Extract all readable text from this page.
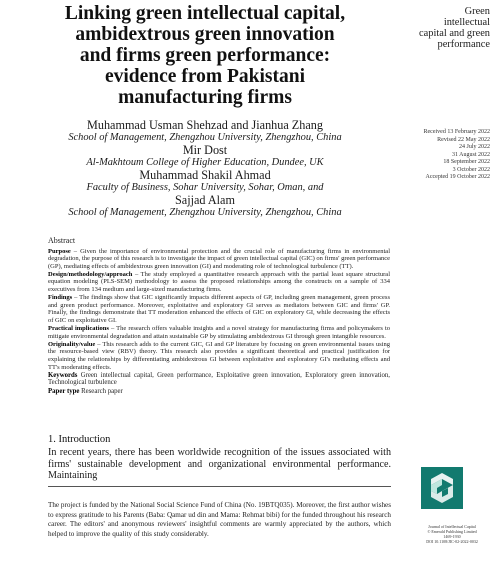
Linking green intellectual capital,
ambidextrous green innovation
and firms green performance:
evidence from Pakistani
manufacturing firms
Muhammad Usman Shehzad and Jianhua Zhang
School of Management, Zhengzhou University, Zhengzhou, China
Mir Dost
Al-Makhtoum College of Higher Education, Dundee, UK
Muhammad Shakil Ahmad
Faculty of Business, Sohar University, Sohar, Oman, and
Sajjad Alam
School of Management, Zhengzhou University, Zhengzhou, China
Green
intellectual
capital and green
performance
Received 13 February 2022
Revised 22 May 2022
24 July 2022
31 August 2022
18 September 2022
3 October 2022
Accepted 19 October 2022
Abstract

Purpose – Given the importance of environmental protection and the crucial role of manufacturing firms in environmental degradation, the purpose of this research is to investigate the impact of green intellectual capital (GIC) on firms' green performance (GP), mediating effects of ambidextrous green innovation (GI) and moderating role of technological turbulence (TT).

Design/methodology/approach – The study employed a quantitative research approach with the partial least square structural equation modeling (PLS-SEM) methodology to assess the proposed relationships among the constructs on a sample of 334 executives from 134 medium and large-sized manufacturing firms.

Findings – The findings show that GIC significantly impacts different aspects of GP, including green management, green process and green product performance. Moreover, exploitative and exploratory GI serves as mediators between GIC and firms' GP. Finally, the findings demonstrate that TT moderation enhanced the effects of GIC on exploratory GI, while decreasing the effects of GIC on exploitative GI.

Practical implications – The research offers valuable insights and a novel strategy for manufacturing firms and policymakers to mitigate environmental degradation and attain sustainable GP by stimulating ambidextrous GI through green intangible resources.

Originality/value – This research adds to the current GIC, GI and GP literature by focusing on green environmental issues using the resource-based view (RBV) theory. This research also provides a significant theoretical and practical justification for explaining the relationships by differentiating ambidextrous GI between exploitative and exploratory GI's mediating effects and TT's moderating effects.

Keywords Green intellectual capital, Green performance, Exploitative green innovation, Exploratory green innovation, Technological turbulence

Paper type Research paper

1. Introduction
In recent years, there has been worldwide recognition of the issues associated with firms' sustainable development and organizational environmental performance. Maintaining
The project is funded by the National Social Science Fund of China (No. 19BTQ035). Moreover, the first author wishes to express gratitude to his Parents (Baba: Qamar ud din and Mama: Rehmat bibi) for the funded throughout his research career. The editors' and anonymous reviewers' insightful comments are warmly appreciated by the authors, which helped to improve the quality of this study considerably.
Journal of Intellectual Capital
© Emerald Publishing Limited
1469-1930
DOI 10.1108/JIC-02-2022-0032
